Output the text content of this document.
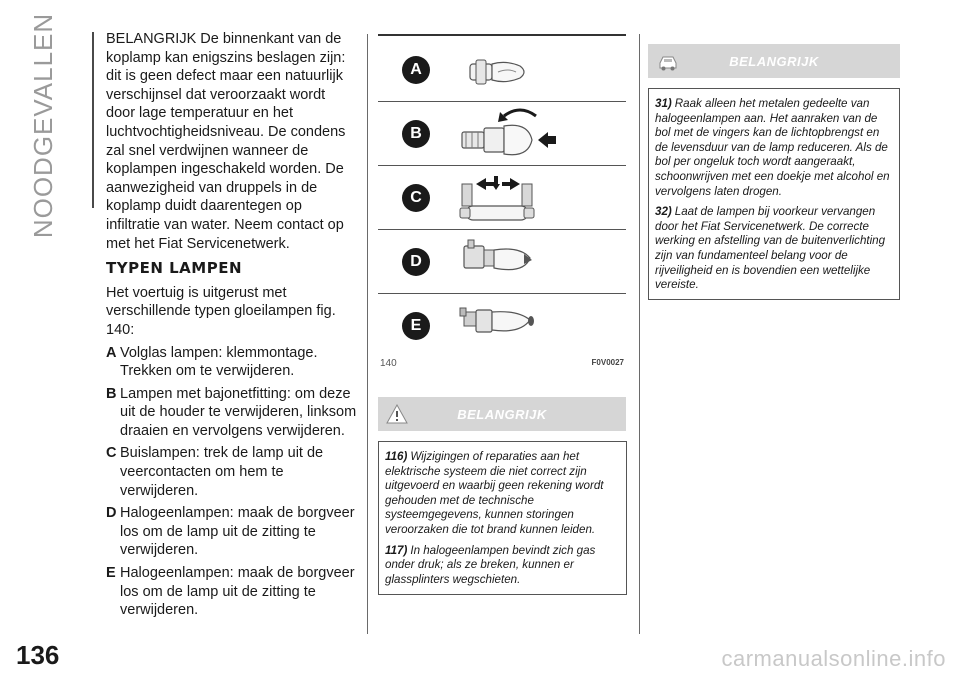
NOODGEVALLEN
136

BELANGRIJK De binnenkant van de koplamp kan enigszins beslagen zijn: dit is geen defect maar een natuurlijk verschijnsel dat veroorzaakt wordt door lage temperatuur en het luchtvochtigheidsniveau. De condens zal snel verdwijnen wanneer de koplampen ingeschakeld worden. De aanwezigheid van druppels in de koplamp duidt daarentegen op infiltratie van water. Neem contact op met het Fiat Servicenetwerk.

TYPEN LAMPEN

Het voertuig is uitgerust met verschillende typen gloeilampen fig. 140:

A Volglas lampen: klemmontage. Trekken om te verwijderen.
B Lampen met bajonetfitting: om deze uit de houder te verwijderen, linksom draaien en vervolgens verwijderen.
C Buislampen: trek de lamp uit de veercontacten om hem te verwijderen.
D Halogeenlampen: maak de borgveer los om de lamp uit de zitting te verwijderen.
E Halogeenlampen: maak de borgveer los om de lamp uit de zitting te verwijderen.
A
B
C
D
E
140	F0V0027
BELANGRIJK

116) Wijzigingen of reparaties aan het elektrische systeem die niet correct zijn uitgevoerd en waarbij geen rekening wordt gehouden met de technische systeemgegevens, kunnen storingen veroorzaken die tot brand kunnen leiden.

117) In halogeenlampen bevindt zich gas onder druk; als ze breken, kunnen er glassplinters wegschieten.

BELANGRIJK

31) Raak alleen het metalen gedeelte van halogeenlampen aan. Het aanraken van de bol met de vingers kan de lichtopbrengst en de levensduur van de lamp reduceren. Als de bol per ongeluk toch wordt aangeraakt, schoonwrijven met een doekje met alcohol en vervolgens laten drogen.

32) Laat de lampen bij voorkeur vervangen door het Fiat Servicenetwerk. De correcte werking en afstelling van de buitenverlichting zijn van fundamenteel belang voor de rijveiligheid en is bovendien een wettelijke vereiste.

carmanualsonline.info
